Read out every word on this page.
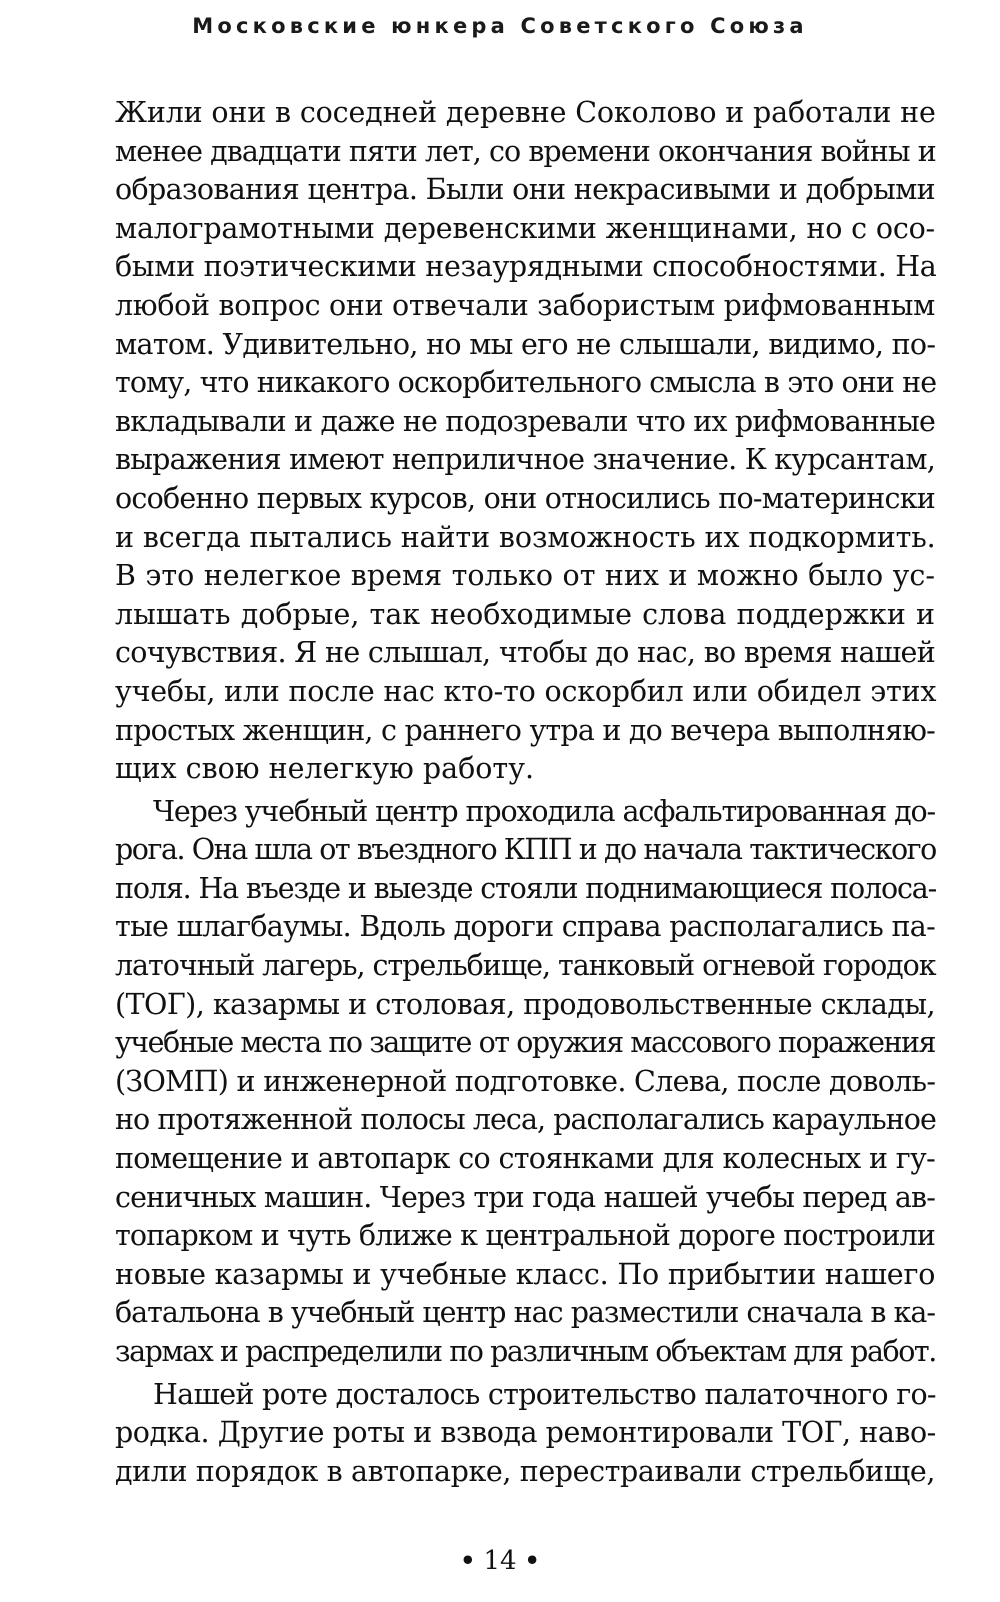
Московские юнкера Советского Союза
Жили они в соседней деревне Соколово и работали не
менее двадцати пяти лет, со времени окончания войны и
образования центра. Были они некрасивыми и добрыми
малограмотными деревенскими женщинами, но с осо-
быми поэтическими незаурядными способностями. На
любой вопрос они отвечали забористым рифмованным
матом. Удивительно, но мы его не слышали, видимо, по-
тому, что никакого оскорбительного смысла в это они не
вкладывали и даже не подозревали что их рифмованные
выражения имеют неприличное значение. К курсантам,
особенно первых курсов, они относились по-матерински
и всегда пытались найти возможность их подкормить.
В это нелегкое время только от них и можно было ус-
лышать добрые, так необходимые слова поддержки и
сочувствия. Я не слышал, чтобы до нас, во время нашей
учебы, или после нас кто-то оскорбил или обидел этих
простых женщин, с раннего утра и до вечера выполняю-
щих свою нелегкую работу.
Через учебный центр проходила асфальтированная до-
рога. Она шла от въездного КПП и до начала тактического
поля. На въезде и выезде стояли поднимающиеся полоса-
тые шлагбаумы. Вдоль дороги справа располагались па-
латочный лагерь, стрельбище, танковый огневой городок
(ТОГ), казармы и столовая, продовольственные склады,
учебные места по защите от оружия массового поражения
(ЗОМП) и инженерной подготовке. Слева, после доволь-
но протяженной полосы леса, располагались караульное
помещение и автопарк со стоянками для колесных и гу-
сеничных машин. Через три года нашей учебы перед ав-
топарком и чуть ближе к центральной дороге построили
новые казармы и учебные класс. По прибытии нашего
батальона в учебный центр нас разместили сначала в ка-
зармах и распределили по различным объектам для работ.
Нашей роте досталось строительство палаточного го-
родка. Другие роты и взвода ремонтировали ТОГ, наво-
дили порядок в автопарке, перестраивали стрельбище,
• 14 •
